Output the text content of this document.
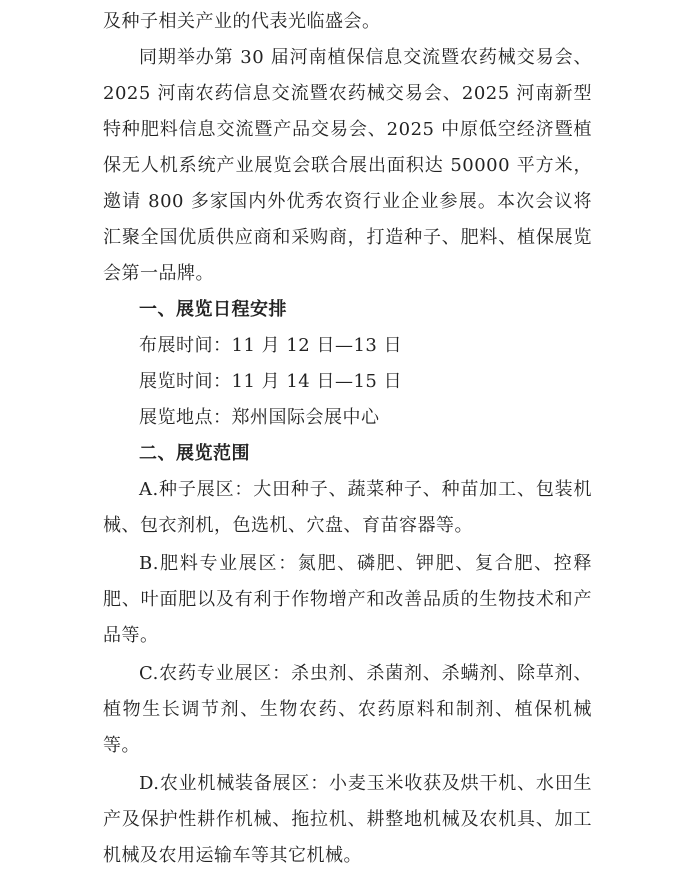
及种子相关产业的代表光临盛会。

同期举办第 30 届河南植保信息交流暨农药械交易会、2025 河南农药信息交流暨农药械交易会、2025 河南新型特种肥料信息交流暨产品交易会、2025 中原低空经济暨植保无人机系统产业展览会联合展出面积达 50000 平方米，邀请 800 多家国内外优秀农资行业企业参展。本次会议将汇聚全国优质供应商和采购商，打造种子、肥料、植保展览会第一品牌。

一、展览日程安排

布展时间：11 月 12 日—13 日

展览时间：11 月 14 日—15 日

展览地点：郑州国际会展中心

二、展览范围

A.种子展区：大田种子、蔬菜种子、种苗加工、包装机械、包衣剂机，色选机、穴盘、育苗容器等。

B.肥料专业展区：氮肥、磷肥、钾肥、复合肥、控释肥、叶面肥以及有利于作物增产和改善品质的生物技术和产品等。

C.农药专业展区：杀虫剂、杀菌剂、杀螨剂、除草剂、植物生长调节剂、生物农药、农药原料和制剂、植保机械等。

D.农业机械装备展区：小麦玉米收获及烘干机、水田生产及保护性耕作机械、拖拉机、耕整地机械及农机具、加工机械及农用运输车等其它机械。
